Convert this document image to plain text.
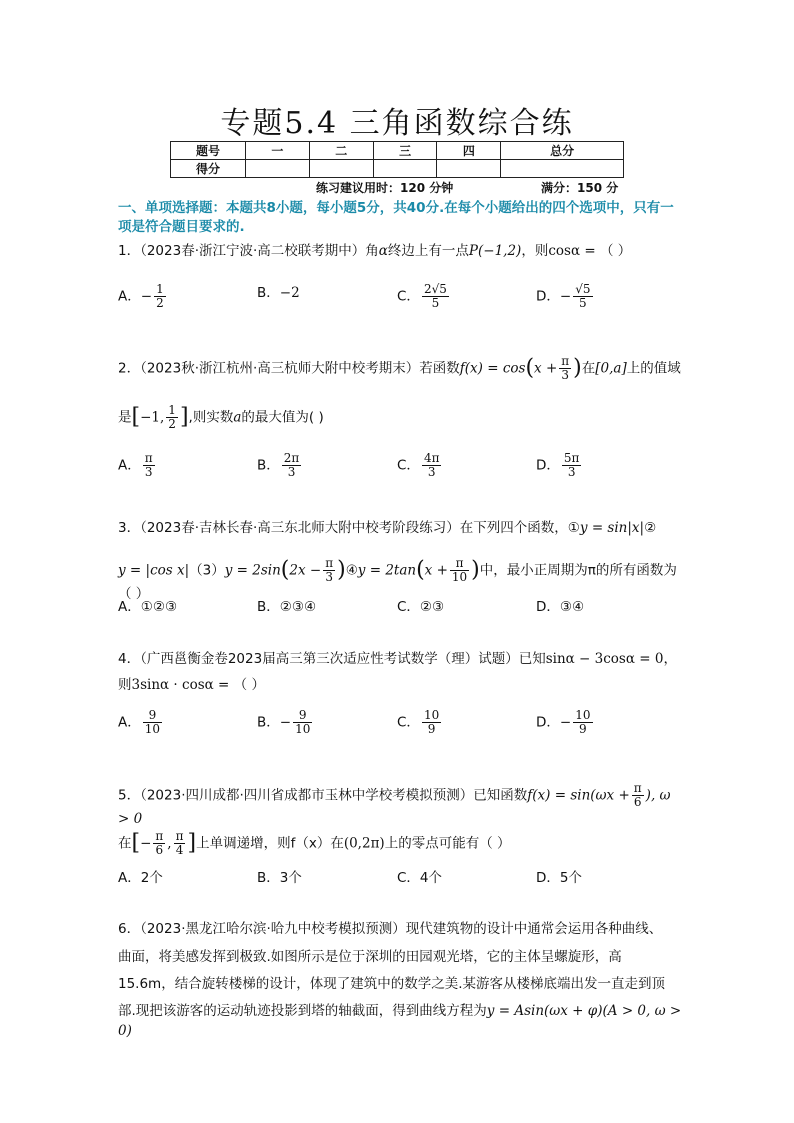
专题5.4 三角函数综合练
题号	一	二	三	四	总分
得分					
练习建议用时：120 分钟	满分：150 分
一、单项选择题：本题共8小题，每小题5分，共40分.在每个小题给出的四个选项中，只有一项是符合题目要求的.
1．（2023春·浙江宁波·高二校联考期中）角α终边上有一点P(−1,2)，则cosα = （ ）
A．− $\frac{1}{2}$	B．−2	C． $\frac{2√5}{5}$	D．− $\frac{√5}{5}$
2．（2023秋·浙江杭州·高三杭师大附中校考期末）若函数$f(x) = \cos(x + \frac{\pi}{3}$ )在[0,a]上的值域
是[−1, $\frac{1}{2}$ ],则实数a的最大值为( )
A． $\frac{\pi}{3}$	B． $\frac{2\pi}{3}$	C． $\frac{4\pi}{3}$	D． $\frac{5\pi}{3}$
3．（2023春·吉林长春·高三东北师大附中校考阶段练习）在下列四个函数，①y = sin|x|②
y = |cos $x|(3)y = 2\sin(2x - \frac{\pi}{3}$ )④y = $2\tan(x + \frac{\pi}{10}$ )中，最小正周期为π的所有函数为（ ）
A．①②③	B．②③④	C．②③	D．③④
4．（广西邕衡金卷2023届高三第三次适应性考试数学（理）试题）已知sinα − 3cosα = 0，
则3sinα · cosα = （ ）
A． $\frac{9}{10}$	B．− $\frac{9}{10}$	C． $\frac{10}{9}$	D．− $\frac{10}{9}$
5．（2023·四川成都·四川省成都市玉林中学校考模拟预测）已知函数$f(x) = \sin(\omega x + \frac{\pi}{6}$ ), ω > 0
在[− $\frac{\pi}{6}$ , $\frac{\pi}{4}$ ]上单调递增，则f（x）在(0,2π)上的零点可能有（ ）
A．2个	B．3个	C．4个	D．5个
6．（2023·黑龙江哈尔滨·哈九中校考模拟预测）现代建筑物的设计中通常会运用各种曲线、
曲面，将美感发挥到极致.如图所示是位于深圳的田园观光塔，它的主体呈螺旋形，高
15.6m，结合旋转楼梯的设计，体现了建筑中的数学之美.某游客从楼梯底端出发一直走到顶
部.现把该游客的运动轨迹投影到塔的轴截面，得到曲线方程为y = Asin(ωx + φ)(A > 0, ω > 0)
